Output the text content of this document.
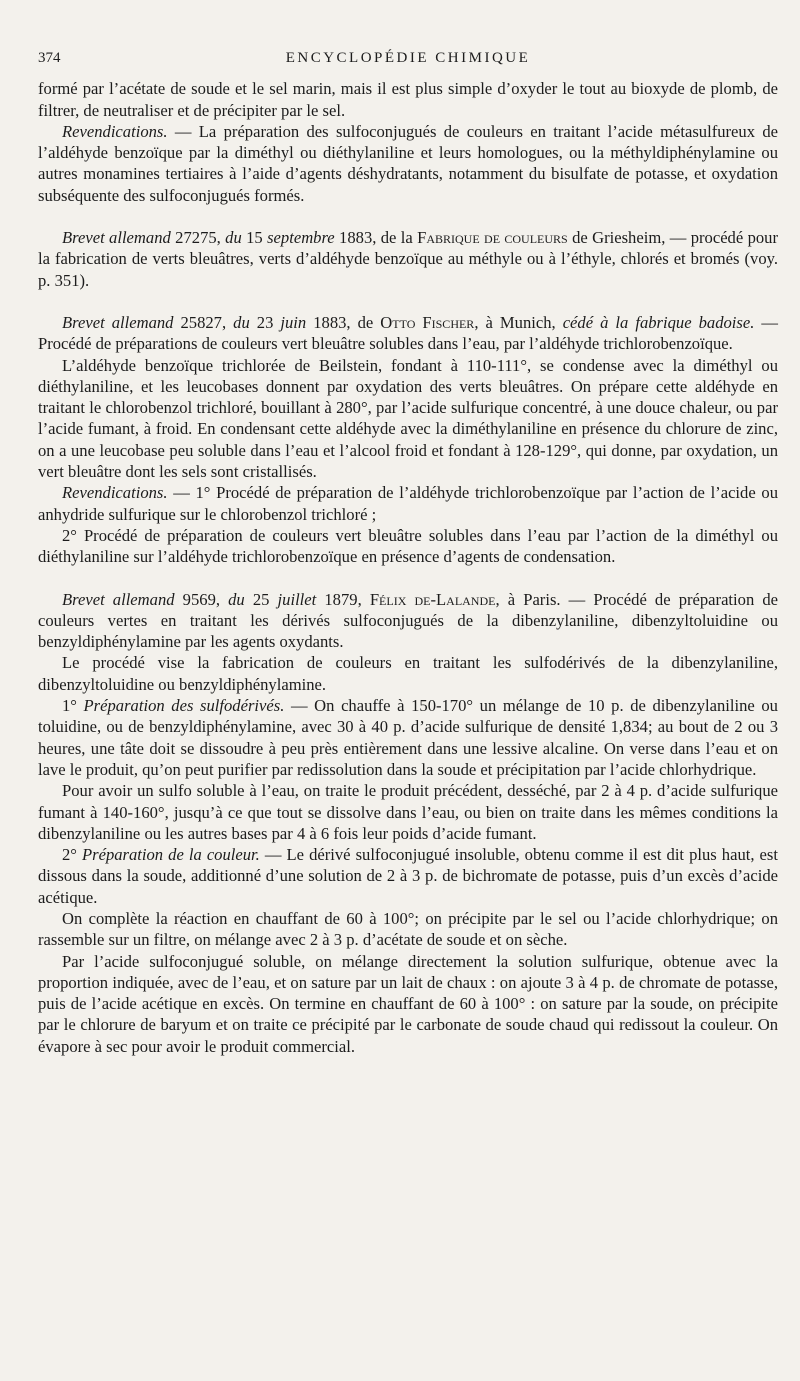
374	ENCYCLOPÉDIE CHIMIQUE

formé par l’acétate de soude et le sel marin, mais il est plus simple d’oxyder le tout au bioxyde de plomb, de filtrer, de neutraliser et de précipiter par le sel.

Revendications. — La préparation des sulfoconjugués de couleurs en traitant l’acide métasulfureux de l’aldéhyde benzoïque par la diméthyl ou diéthylaniline et leurs homologues, ou la méthyldiphénylamine ou autres monamines tertiaires à l’aide d’agents déshydratants, notamment du bisulfate de potasse, et oxydation subséquente des sulfoconjugués formés.

Brevet allemand 27275, du 15 septembre 1883, de la Fabrique de couleurs de Griesheim, — procédé pour la fabrication de verts bleuâtres, verts d’aldéhyde benzoïque au méthyle ou à l’éthyle, chlorés et bromés (voy. p. 351).

Brevet allemand 25827, du 23 juin 1883, de Otto Fischer, à Munich, cédé à la fabrique badoise. — Procédé de préparations de couleurs vert bleuâtre solubles dans l’eau, par l’aldéhyde trichlorobenzoïque.

L’aldéhyde benzoïque trichlorée de Beilstein, fondant à 110-111°, se condense avec la diméthyl ou diéthylaniline, et les leucobases donnent par oxydation des verts bleuâtres. On prépare cette aldéhyde en traitant le chlorobenzol trichloré, bouillant à 280°, par l’acide sulfurique concentré, à une douce chaleur, ou par l’acide fumant, à froid. En condensant cette aldéhyde avec la diméthylaniline en présence du chlorure de zinc, on a une leucobase peu soluble dans l’eau et l’alcool froid et fondant à 128-129°, qui donne, par oxydation, un vert bleuâtre dont les sels sont cristallisés.

Revendications. — 1° Procédé de préparation de l’aldéhyde trichlorobenzoïque par l’action de l’acide ou anhydride sulfurique sur le chlorobenzol trichloré ;

2° Procédé de préparation de couleurs vert bleuâtre solubles dans l’eau par l’action de la diméthyl ou diéthylaniline sur l’aldéhyde trichlorobenzoïque en présence d’agents de condensation.

Brevet allemand 9569, du 25 juillet 1879, Félix de-Lalande, à Paris. — Procédé de préparation de couleurs vertes en traitant les dérivés sulfoconjugués de la dibenzylaniline, dibenzyltoluidine ou benzyldiphénylamine par les agents oxydants.

Le procédé vise la fabrication de couleurs en traitant les sulfodérivés de la dibenzylaniline, dibenzyltoluidine ou benzyldiphénylamine.

1° Préparation des sulfodérivés. — On chauffe à 150-170° un mélange de 10 p. de dibenzylaniline ou toluidine, ou de benzyldiphénylamine, avec 30 à 40 p. d’acide sulfurique de densité 1,834; au bout de 2 ou 3 heures, une tâte doit se dissoudre à peu près entièrement dans une lessive alcaline. On verse dans l’eau et on lave le produit, qu’on peut purifier par redissolution dans la soude et précipitation par l’acide chlorhydrique.

Pour avoir un sulfo soluble à l’eau, on traite le produit précédent, desséché, par 2 à 4 p. d’acide sulfurique fumant à 140-160°, jusqu’à ce que tout se dissolve dans l’eau, ou bien on traite dans les mêmes conditions la dibenzylaniline ou les autres bases par 4 à 6 fois leur poids d’acide fumant.

2° Préparation de la couleur. — Le dérivé sulfoconjugué insoluble, obtenu comme il est dit plus haut, est dissous dans la soude, additionné d’une solution de 2 à 3 p. de bichromate de potasse, puis d’un excès d’acide acétique.

On complète la réaction en chauffant de 60 à 100°; on précipite par le sel ou l’acide chlorhydrique; on rassemble sur un filtre, on mélange avec 2 à 3 p. d’acétate de soude et on sèche.

Par l’acide sulfoconjugué soluble, on mélange directement la solution sulfurique, obtenue avec la proportion indiquée, avec de l’eau, et on sature par un lait de chaux : on ajoute 3 à 4 p. de chromate de potasse, puis de l’acide acétique en excès. On termine en chauffant de 60 à 100° : on sature par la soude, on précipite par le chlorure de baryum et on traite ce précipité par le carbonate de soude chaud qui redissout la couleur. On évapore à sec pour avoir le produit commercial.
